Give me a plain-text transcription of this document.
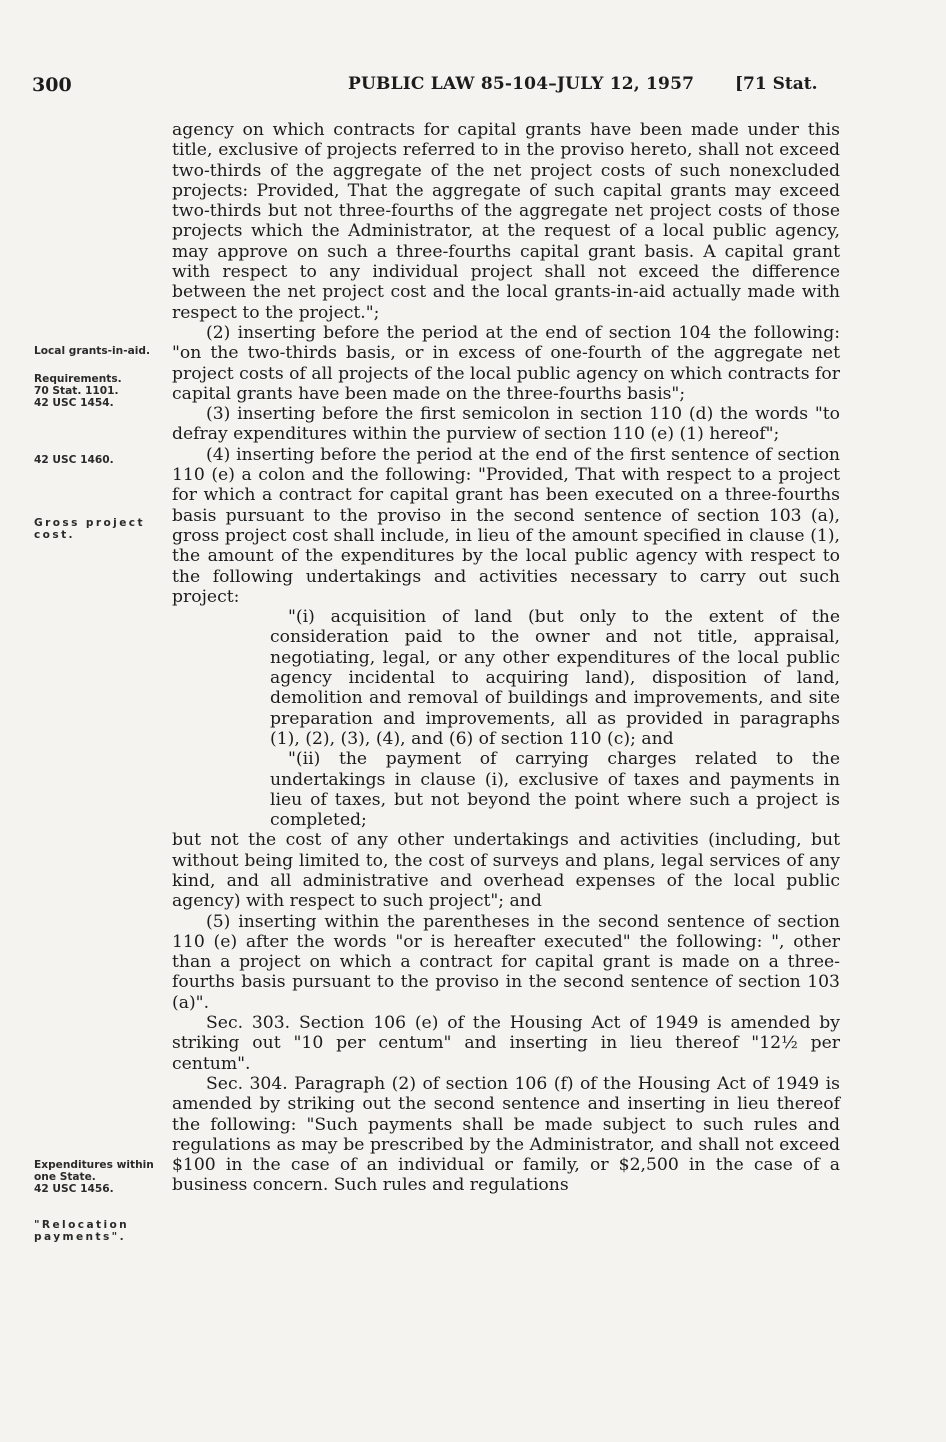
300	PUBLIC LAW 85-104–JULY 12, 1957 [71 Stat.
Local grants-in-aid.
Requirements.
70 Stat. 1101.
42 USC 1454.
42 USC 1460.
Gross project cost.
Expenditures within one State.
42 USC 1456.
"Relocation payments".

agency on which contracts for capital grants have been made under this title, exclusive of projects referred to in the proviso hereto, shall not exceed two-thirds of the aggregate of the net project costs of such nonexcluded projects: Provided, That the aggregate of such capital grants may exceed two-thirds but not three-fourths of the aggregate net project costs of those projects which the Administrator, at the request of a local public agency, may approve on such a three-fourths capital grant basis. A capital grant with respect to any individual project shall not exceed the difference between the net project cost and the local grants-in-aid actually made with respect to the project.";

(2) inserting before the period at the end of section 104 the following: "on the two-thirds basis, or in excess of one-fourth of the aggregate net project costs of all projects of the local public agency on which contracts for capital grants have been made on the three-fourths basis";

(3) inserting before the first semicolon in section 110 (d) the words "to defray expenditures within the purview of section 110 (e) (1) hereof";

(4) inserting before the period at the end of the first sentence of section 110 (e) a colon and the following: "Provided, That with respect to a project for which a contract for capital grant has been executed on a three-fourths basis pursuant to the proviso in the second sentence of section 103 (a), gross project cost shall include, in lieu of the amount specified in clause (1), the amount of the expenditures by the local public agency with respect to the following undertakings and activities necessary to carry out such project:

"(i) acquisition of land (but only to the extent of the consideration paid to the owner and not title, appraisal, negotiating, legal, or any other expenditures of the local public agency incidental to acquiring land), disposition of land, demolition and removal of buildings and improvements, and site preparation and improvements, all as provided in paragraphs (1), (2), (3), (4), and (6) of section 110 (c); and

"(ii) the payment of carrying charges related to the undertakings in clause (i), exclusive of taxes and payments in lieu of taxes, but not beyond the point where such a project is completed;

but not the cost of any other undertakings and activities (including, but without being limited to, the cost of surveys and plans, legal services of any kind, and all administrative and overhead expenses of the local public agency) with respect to such project"; and

(5) inserting within the parentheses in the second sentence of section 110 (e) after the words "or is hereafter executed" the following: ", other than a project on which a contract for capital grant is made on a three-fourths basis pursuant to the proviso in the second sentence of section 103 (a)".

Sec. 303. Section 106 (e) of the Housing Act of 1949 is amended by striking out "10 per centum" and inserting in lieu thereof "12½ per centum".

Sec. 304. Paragraph (2) of section 106 (f) of the Housing Act of 1949 is amended by striking out the second sentence and inserting in lieu thereof the following: "Such payments shall be made subject to such rules and regulations as may be prescribed by the Administrator, and shall not exceed $100 in the case of an individual or family, or $2,500 in the case of a business concern. Such rules and regulations
